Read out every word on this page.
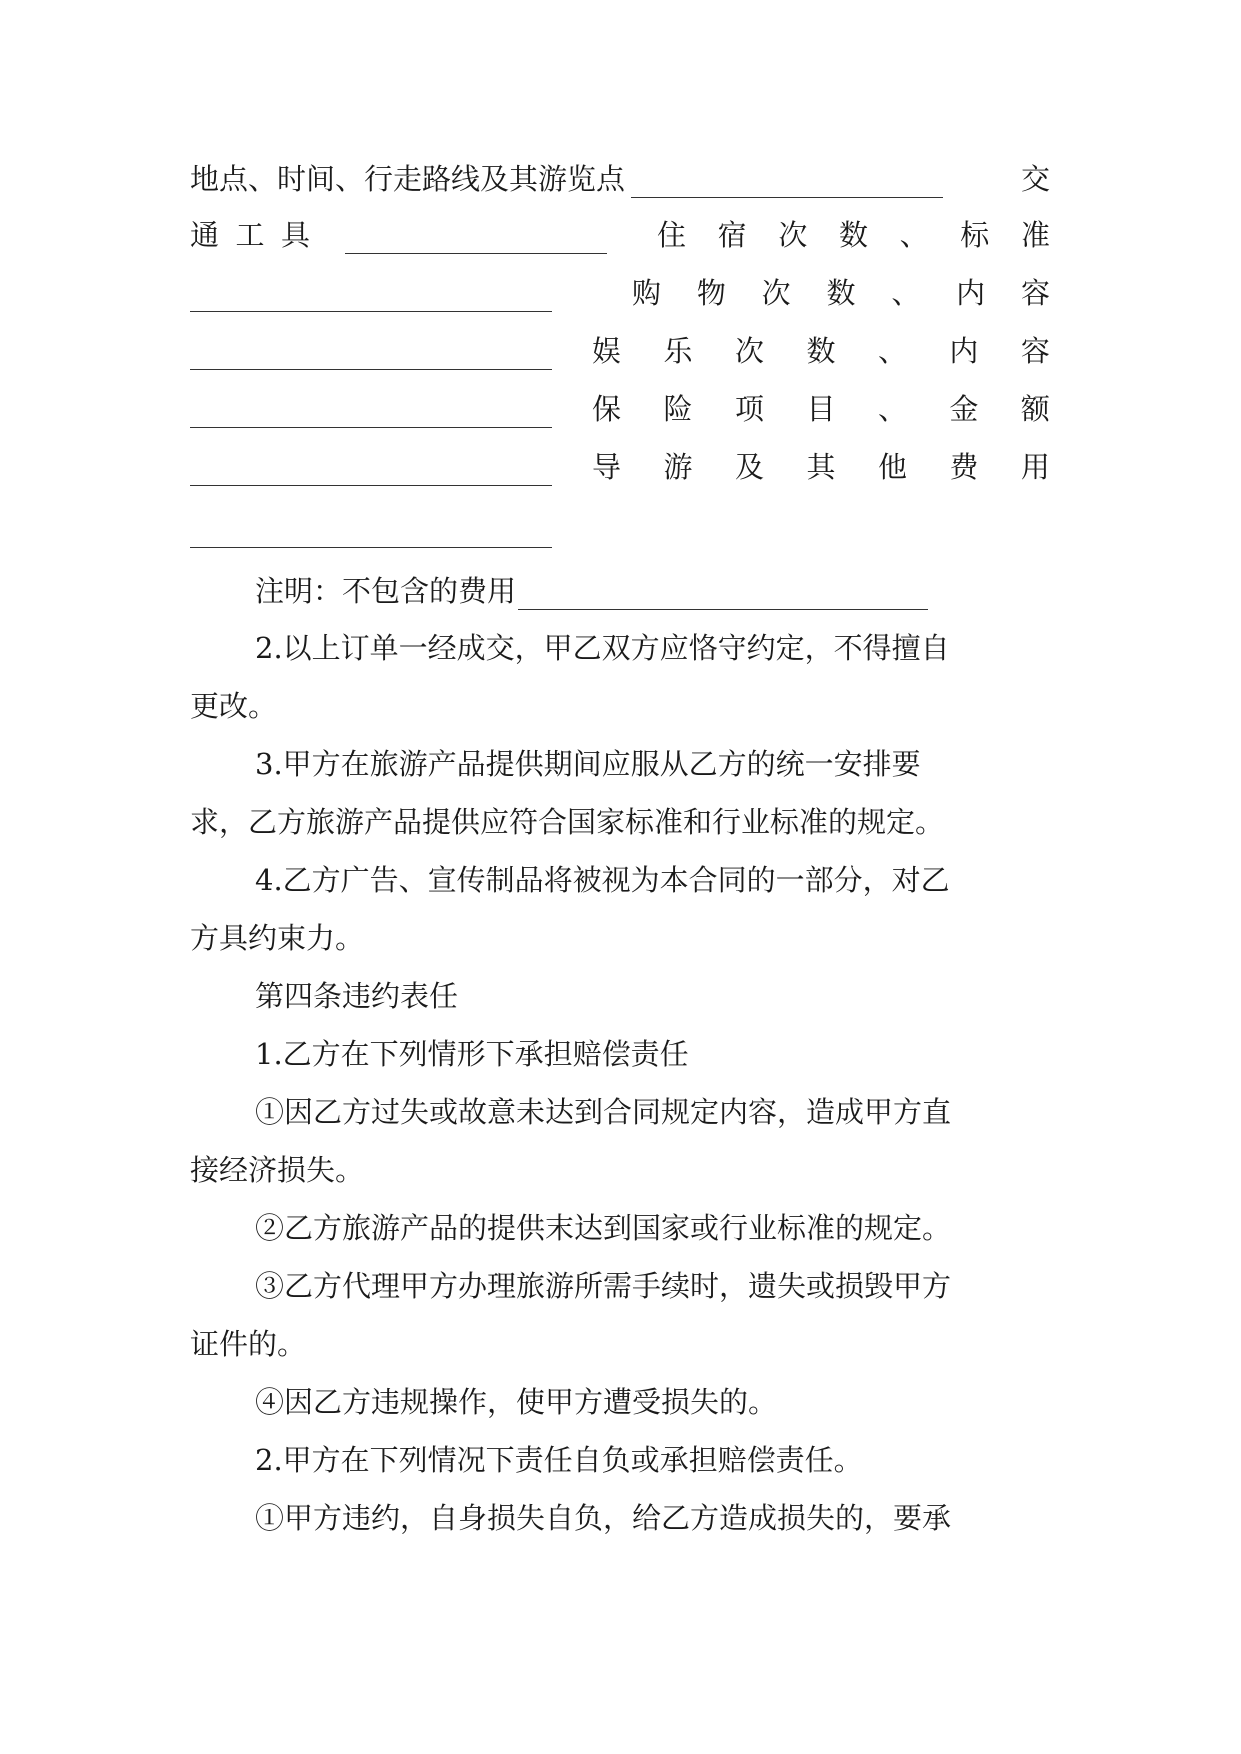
地点、时间、行走路线及其游览点	交
通 工 具	住 宿 次 数 、 标 准
购 物 次 数 、 内 容
娱 乐 次 数 、 内 容
保 险 项 目 、 金 额
导 游 及 其 他 费 用
注明：不包含的费用
2.以上订单一经成交，甲乙双方应恪守约定，不得擅自
更改。
3.甲方在旅游产品提供期间应服从乙方的统一安排要
求，乙方旅游产品提供应符合国家标准和行业标准的规定。
4.乙方广告、宣传制品将被视为本合同的一部分，对乙
方具约束力。
第四条违约表任
1.乙方在下列情形下承担赔偿责任
①因乙方过失或故意未达到合同规定内容，造成甲方直
接经济损失。
②乙方旅游产品的提供末达到国家或行业标准的规定。
③乙方代理甲方办理旅游所需手续时，遗失或损毁甲方
证件的。
④因乙方违规操作，使甲方遭受损失的。
2.甲方在下列情况下责任自负或承担赔偿责任。
①甲方违约，自身损失自负，给乙方造成损失的，要承
